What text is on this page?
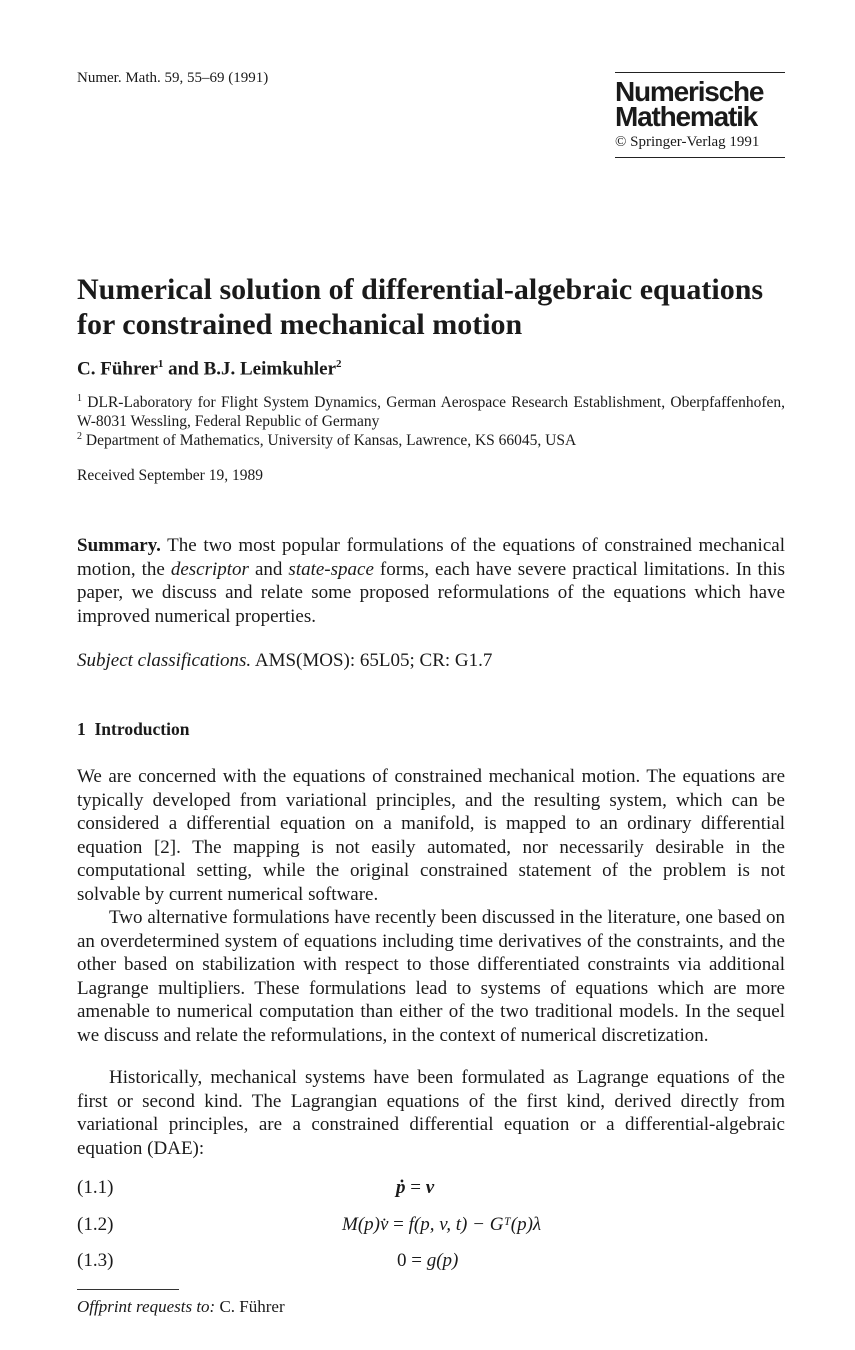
Numer. Math. 59, 55–69 (1991)	Numerische
Mathematik
© Springer-Verlag 1991
Numerical solution of differential-algebraic equations for constrained mechanical motion
C. Führer$^1$ and B.J. Leimkuhler$^2$
$^1$ DLR-Laboratory for Flight System Dynamics, German Aerospace Research Establishment, Oberpfaffenhofen, W-8031 Wessling, Federal Republic of Germany
$^2$ Department of Mathematics, University of Kansas, Lawrence, KS 66045, USA
Received September 19, 1989
Summary. The two most popular formulations of the equations of constrained mechanical motion, the descriptor and state-space forms, each have severe practical limitations. In this paper, we discuss and relate some proposed reformulations of the equations which have improved numerical properties.
Subject classifications. AMS(MOS): 65L05; CR: G1.7
1 Introduction
We are concerned with the equations of constrained mechanical motion. The equations are typically developed from variational principles, and the resulting system, which can be considered a differential equation on a manifold, is mapped to an ordinary differential equation [2]. The mapping is not easily automated, nor necessarily desirable in the computational setting, while the original constrained statement of the problem is not solvable by current numerical software.
Two alternative formulations have recently been discussed in the literature, one based on an overdetermined system of equations including time derivatives of the constraints, and the other based on stabilization with respect to those differentiated constraints via additional Lagrange multipliers. These formulations lead to systems of equations which are more amenable to numerical computation than either of the two traditional models. In the sequel we discuss and relate the reformulations, in the context of numerical discretization.
Historically, mechanical systems have been formulated as Lagrange equations of the first or second kind. The Lagrangian equations of the first kind, derived directly from variational principles, are a constrained differential equation or a differential-algebraic equation (DAE):
(1.1)	ṗ = v
(1.2)	M(p)v̇ = f(p, v, t) − Gᵀ(p)λ
(1.3)	0 = g(p)
Offprint requests to: C. Führer
